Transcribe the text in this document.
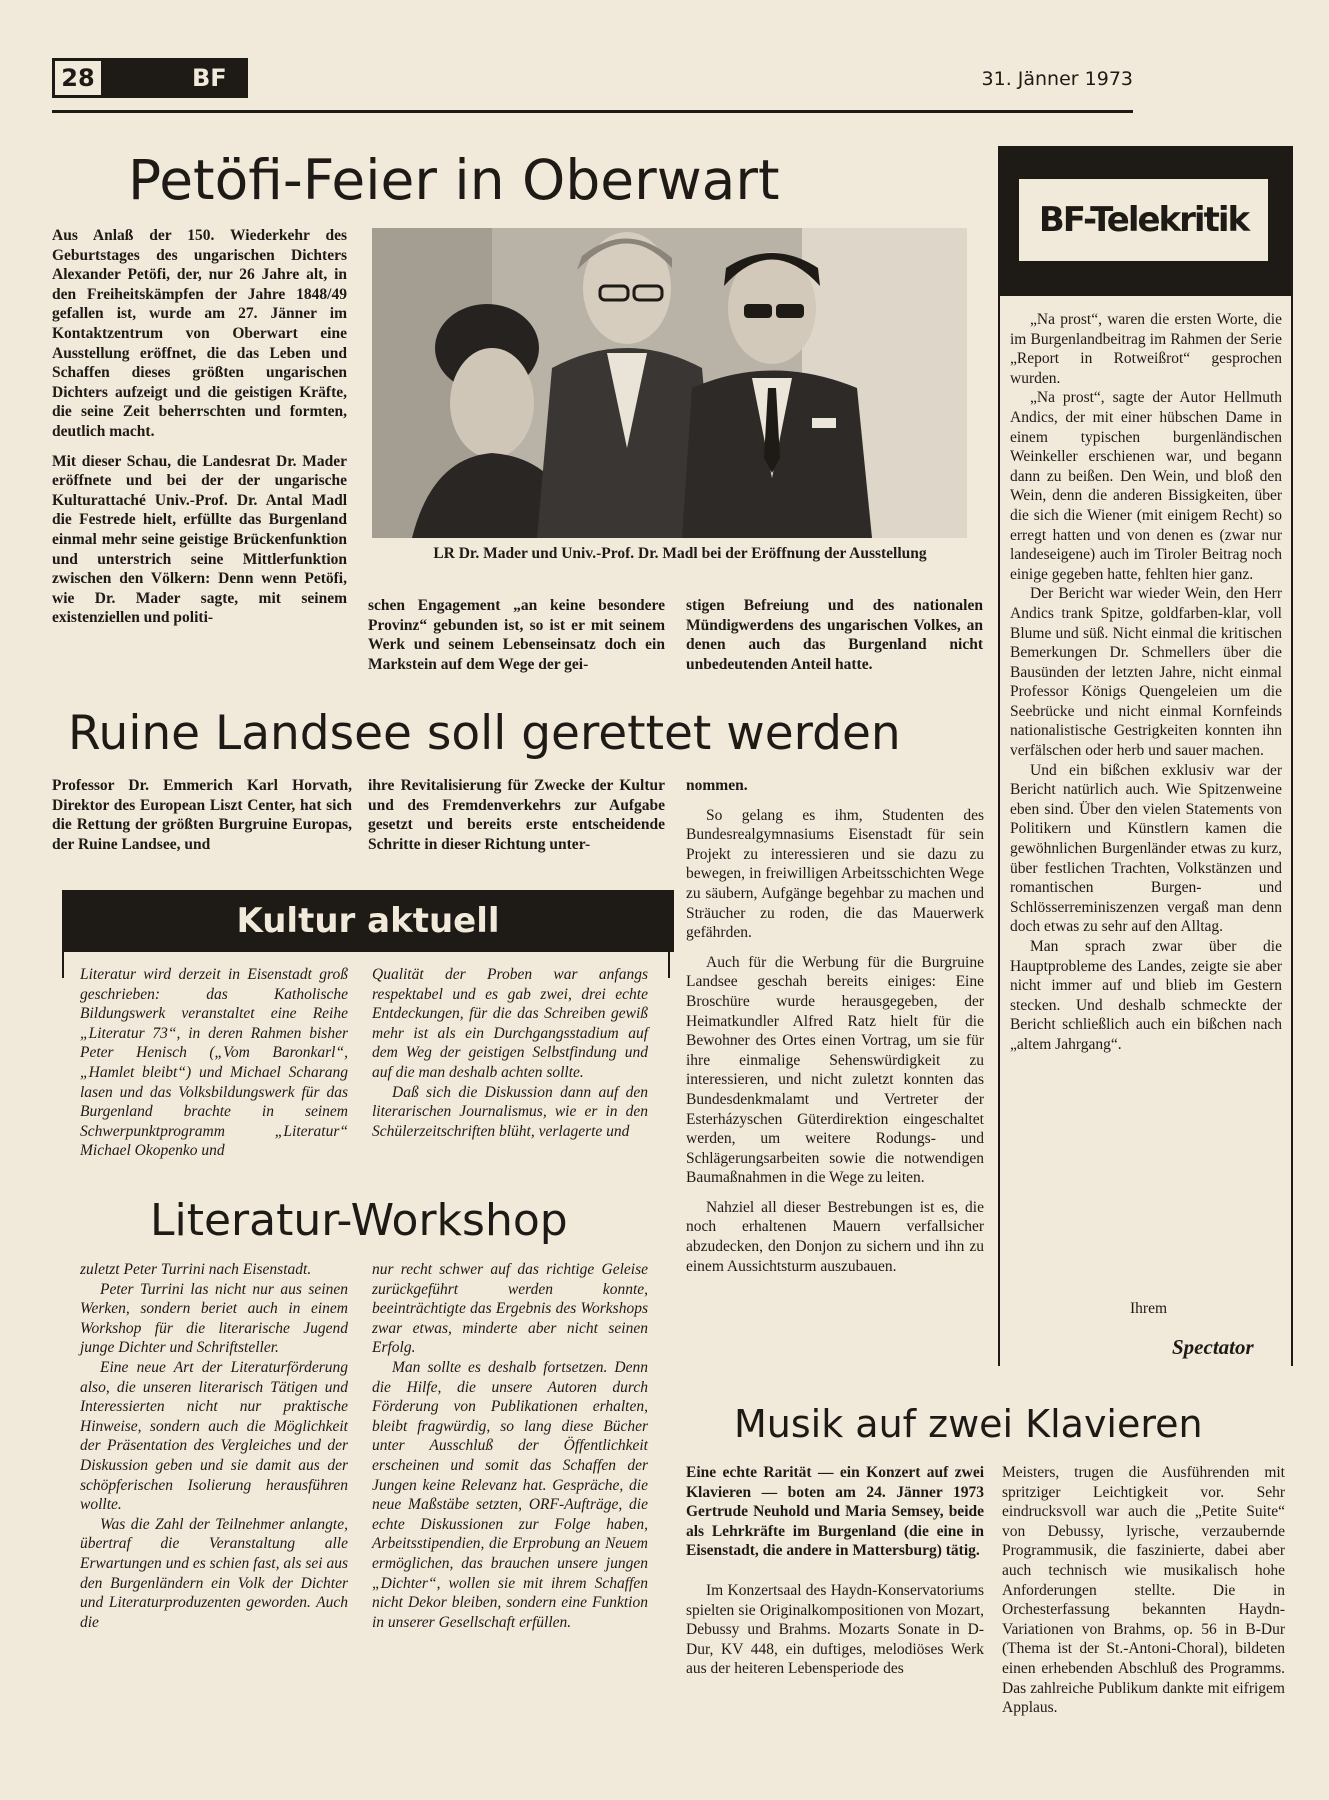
28	BF	31. Jänner 1973
Petöfi-Feier in Oberwart

Aus Anlaß der 150. Wiederkehr des Geburtstages des ungarischen Dichters Alexander Petöfi, der, nur 26 Jahre alt, in den Freiheitskämpfen der Jahre 1848/49 gefallen ist, wurde am 27. Jänner im Kontaktzentrum von Oberwart eine Ausstellung eröffnet, die das Leben und Schaffen dieses größten ungarischen Dichters aufzeigt und die geistigen Kräfte, die seine Zeit beherrschten und formten, deutlich macht.

Mit dieser Schau, die Landesrat Dr. Mader eröffnete und bei der der ungarische Kulturattaché Univ.-Prof. Dr. Antal Madl die Festrede hielt, erfüllte das Burgenland einmal mehr seine geistige Brückenfunktion und unterstrich seine Mittlerfunktion zwischen den Völkern: Denn wenn Petöfi, wie Dr. Mader sagte, mit seinem existenziellen und politi-

LR Dr. Mader und Univ.-Prof. Dr. Madl bei der Eröffnung der Ausstellung
schen Engagement „an keine besondere Provinz“ gebunden ist, so ist er mit seinem Werk und seinem Lebenseinsatz doch ein Markstein auf dem Wege der gei-
stigen Befreiung und des nationalen Mündigwerdens des ungarischen Volkes, an denen auch das Burgenland nicht unbedeutenden Anteil hatte.
Ruine Landsee soll gerettet werden
Professor Dr. Emmerich Karl Horvath, Direktor des European Liszt Center, hat sich die Rettung der größten Burgruine Europas, der Ruine Landsee, und
ihre Revitalisierung für Zwecke der Kultur und des Fremdenverkehrs zur Aufgabe gesetzt und bereits erste entscheidende Schritte in dieser Richtung unter-

nommen.

So gelang es ihm, Studenten des Bundesrealgymnasiums Eisenstadt für sein Projekt zu interessieren und sie dazu zu bewegen, in freiwilligen Arbeitsschichten Wege zu säubern, Aufgänge begehbar zu machen und Sträucher zu roden, die das Mauerwerk gefährden.

Auch für die Werbung für die Burgruine Landsee geschah bereits einiges: Eine Broschüre wurde herausgegeben, der Heimatkundler Alfred Ratz hielt für die Bewohner des Ortes einen Vortrag, um sie für ihre einmalige Sehenswürdigkeit zu interessieren, und nicht zuletzt konnten das Bundesdenkmalamt und Vertreter der Esterházyschen Güterdirektion eingeschaltet werden, um weitere Rodungs- und Schlägerungsarbeiten sowie die notwendigen Baumaßnahmen in die Wege zu leiten.

Nahziel all dieser Bestrebungen ist es, die noch erhaltenen Mauern verfallsicher abzudecken, den Donjon zu sichern und ihn zu einem Aussichtsturm auszubauen.

Kultur aktuell
Literatur wird derzeit in Eisenstadt groß geschrieben: das Katholische Bildungswerk veranstaltet eine Reihe „Literatur 73“, in deren Rahmen bisher Peter Henisch („Vom Baronkarl“, „Hamlet bleibt“) und Michael Scharang lasen und das Volksbildungswerk für das Burgenland brachte in seinem Schwerpunktprogramm „Literatur“ Michael Okopenko und

Qualität der Proben war anfangs respektabel und es gab zwei, drei echte Entdeckungen, für die das Schreiben gewiß mehr ist als ein Durchgangsstadium auf dem Weg der geistigen Selbstfindung und auf die man deshalb achten sollte.

Daß sich die Diskussion dann auf den literarischen Journalismus, wie er in den Schülerzeitschriften blüht, verlagerte und

Literatur-Workshop

zuletzt Peter Turrini nach Eisenstadt.

Peter Turrini las nicht nur aus seinen Werken, sondern beriet auch in einem Workshop für die literarische Jugend junge Dichter und Schriftsteller.

Eine neue Art der Literaturförderung also, die unseren literarisch Tätigen und Interessierten nicht nur praktische Hinweise, sondern auch die Möglichkeit der Präsentation des Vergleiches und der Diskussion geben und sie damit aus der schöpferischen Isolierung herausführen wollte.

Was die Zahl der Teilnehmer anlangte, übertraf die Veranstaltung alle Erwartungen und es schien fast, als sei aus den Burgenländern ein Volk der Dichter und Literaturproduzenten geworden. Auch die

nur recht schwer auf das richtige Geleise zurückgeführt werden konnte, beeinträchtigte das Ergebnis des Workshops zwar etwas, minderte aber nicht seinen Erfolg.

Man sollte es deshalb fortsetzen. Denn die Hilfe, die unsere Autoren durch Förderung von Publikationen erhalten, bleibt fragwürdig, so lang diese Bücher unter Ausschluß der Öffentlichkeit erscheinen und somit das Schaffen der Jungen keine Relevanz hat. Gespräche, die neue Maßstäbe setzten, ORF-Aufträge, die echte Diskussionen zur Folge haben, Arbeitsstipendien, die Erprobung an Neuem ermöglichen, das brauchen unsere jungen „Dichter“, wollen sie mit ihrem Schaffen nicht Dekor bleiben, sondern eine Funktion in unserer Gesellschaft erfüllen.

BF-Telekritik

„Na prost“, waren die ersten Worte, die im Burgenlandbeitrag im Rahmen der Serie „Report in Rotweißrot“ gesprochen wurden.

„Na prost“, sagte der Autor Hellmuth Andics, der mit einer hübschen Dame in einem typischen burgenländischen Weinkeller erschienen war, und begann dann zu beißen. Den Wein, und bloß den Wein, denn die anderen Bissigkeiten, über die sich die Wiener (mit einigem Recht) so erregt hatten und von denen es (zwar nur landeseigene) auch im Tiroler Beitrag noch einige gegeben hatte, fehlten hier ganz.

Der Bericht war wieder Wein, den Herr Andics trank Spitze, goldfarben-klar, voll Blume und süß. Nicht einmal die kritischen Bemerkungen Dr. Schmellers über die Bausünden der letzten Jahre, nicht einmal Professor Königs Quengeleien um die Seebrücke und nicht einmal Kornfeinds nationalistische Gestrigkeiten konnten ihn verfälschen oder herb und sauer machen.

Und ein bißchen exklusiv war der Bericht natürlich auch. Wie Spitzenweine eben sind. Über den vielen Statements von Politikern und Künstlern kamen die gewöhnlichen Burgenländer etwas zu kurz, über festlichen Trachten, Volkstänzen und romantischen Burgen- und Schlösserreminiszenzen vergaß man denn doch etwas zu sehr auf den Alltag.

Man sprach zwar über die Hauptprobleme des Landes, zeigte sie aber nicht immer auf und blieb im Gestern stecken. Und deshalb schmeckte der Bericht schließlich auch ein bißchen nach „altem Jahrgang“.

Ihrem
Spectator
Musik auf zwei Klavieren

Eine echte Rarität — ein Konzert auf zwei Klavieren — boten am 24. Jänner 1973 Gertrude Neuhold und Maria Semsey, beide als Lehrkräfte im Burgenland (die eine in Eisenstadt, die andere in Mattersburg) tätig.

Im Konzertsaal des Haydn-Konservatoriums spielten sie Originalkompositionen von Mozart, Debussy und Brahms. Mozarts Sonate in D-Dur, KV 448, ein duftiges, melodiöses Werk aus der heiteren Lebensperiode des

Meisters, trugen die Ausführenden mit spritziger Leichtigkeit vor. Sehr eindrucksvoll war auch die „Petite Suite“ von Debussy, lyrische, verzaubernde Programmusik, die faszinierte, dabei aber auch technisch wie musikalisch hohe Anforderungen stellte. Die in Orchesterfassung bekannten Haydn-Variationen von Brahms, op. 56 in B-Dur (Thema ist der St.-Antoni-Choral), bildeten einen erhebenden Abschluß des Programms. Das zahlreiche Publikum dankte mit eifrigem Applaus.
